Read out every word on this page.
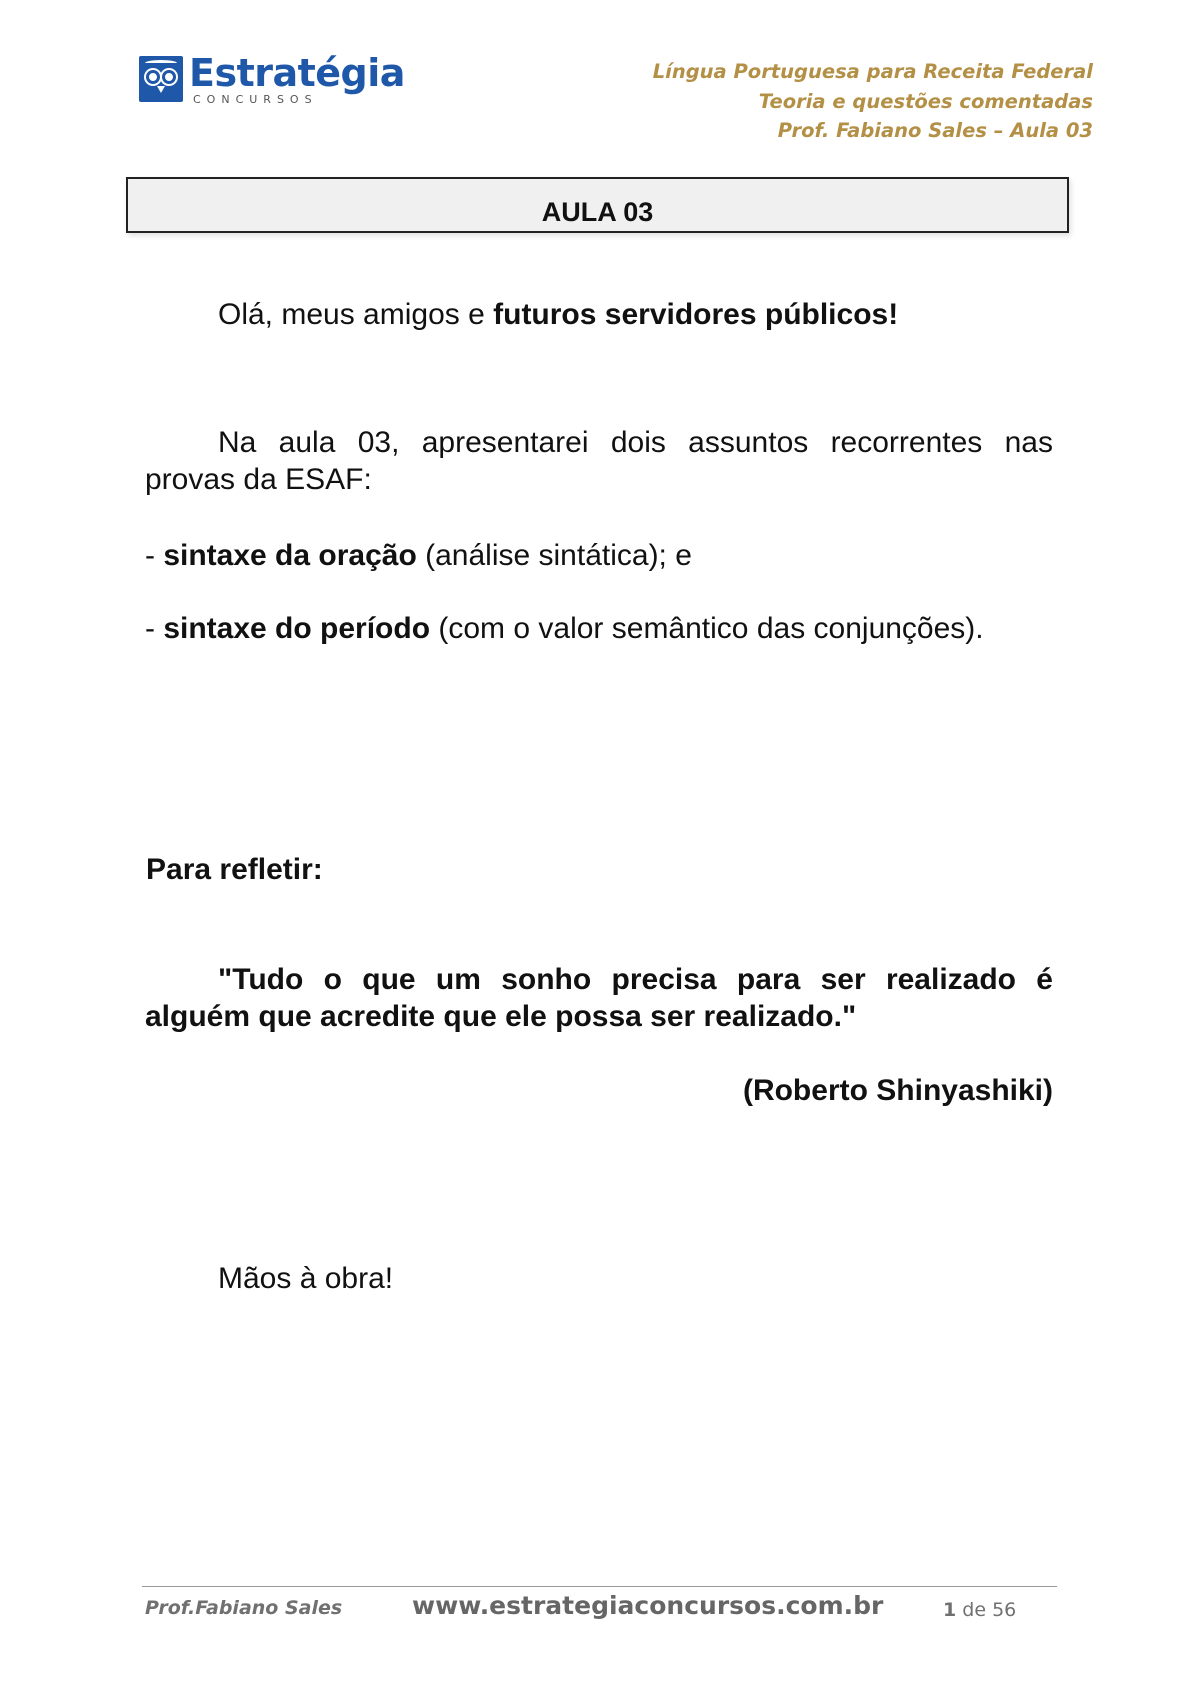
Estratégia
CONCURSOS
Língua Portuguesa para Receita Federal
Teoria e questões comentadas
Prof. Fabiano Sales – Aula 03
AULA 03
Olá, meus amigos e futuros servidores públicos!
Na aula 03, apresentarei dois assuntos recorrentes nas provas da ESAF:
- sintaxe da oração (análise sintática); e
- sintaxe do período (com o valor semântico das conjunções).
Para refletir:
"Tudo o que um sonho precisa para ser realizado é alguém que acredite que ele possa ser realizado."
(Roberto Shinyashiki)
Mãos à obra!
Prof.Fabiano Sales	www.estrategiaconcursos.com.br	1 de 56
